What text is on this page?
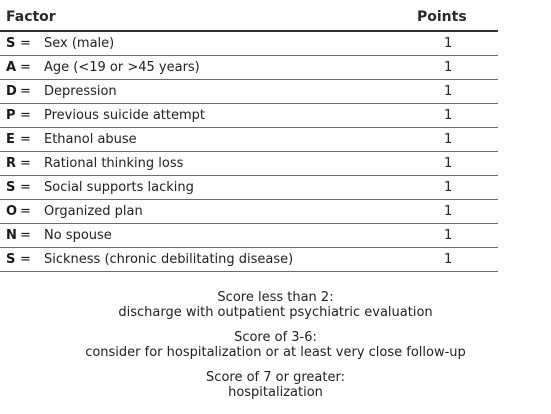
Factor	Points
S = Sex (male)	1
A = Age (<19 or >45 years)	1
D = Depression	1
P = Previous suicide attempt	1
E = Ethanol abuse	1
R = Rational thinking loss	1
S = Social supports lacking	1
O = Organized plan	1
N = No spouse	1
S = Sickness (chronic debilitating disease)	1
Score less than 2:
discharge with outpatient psychiatric evaluation
Score of 3-6:
consider for hospitalization or at least very close follow-up
Score of 7 or greater:
hospitalization
